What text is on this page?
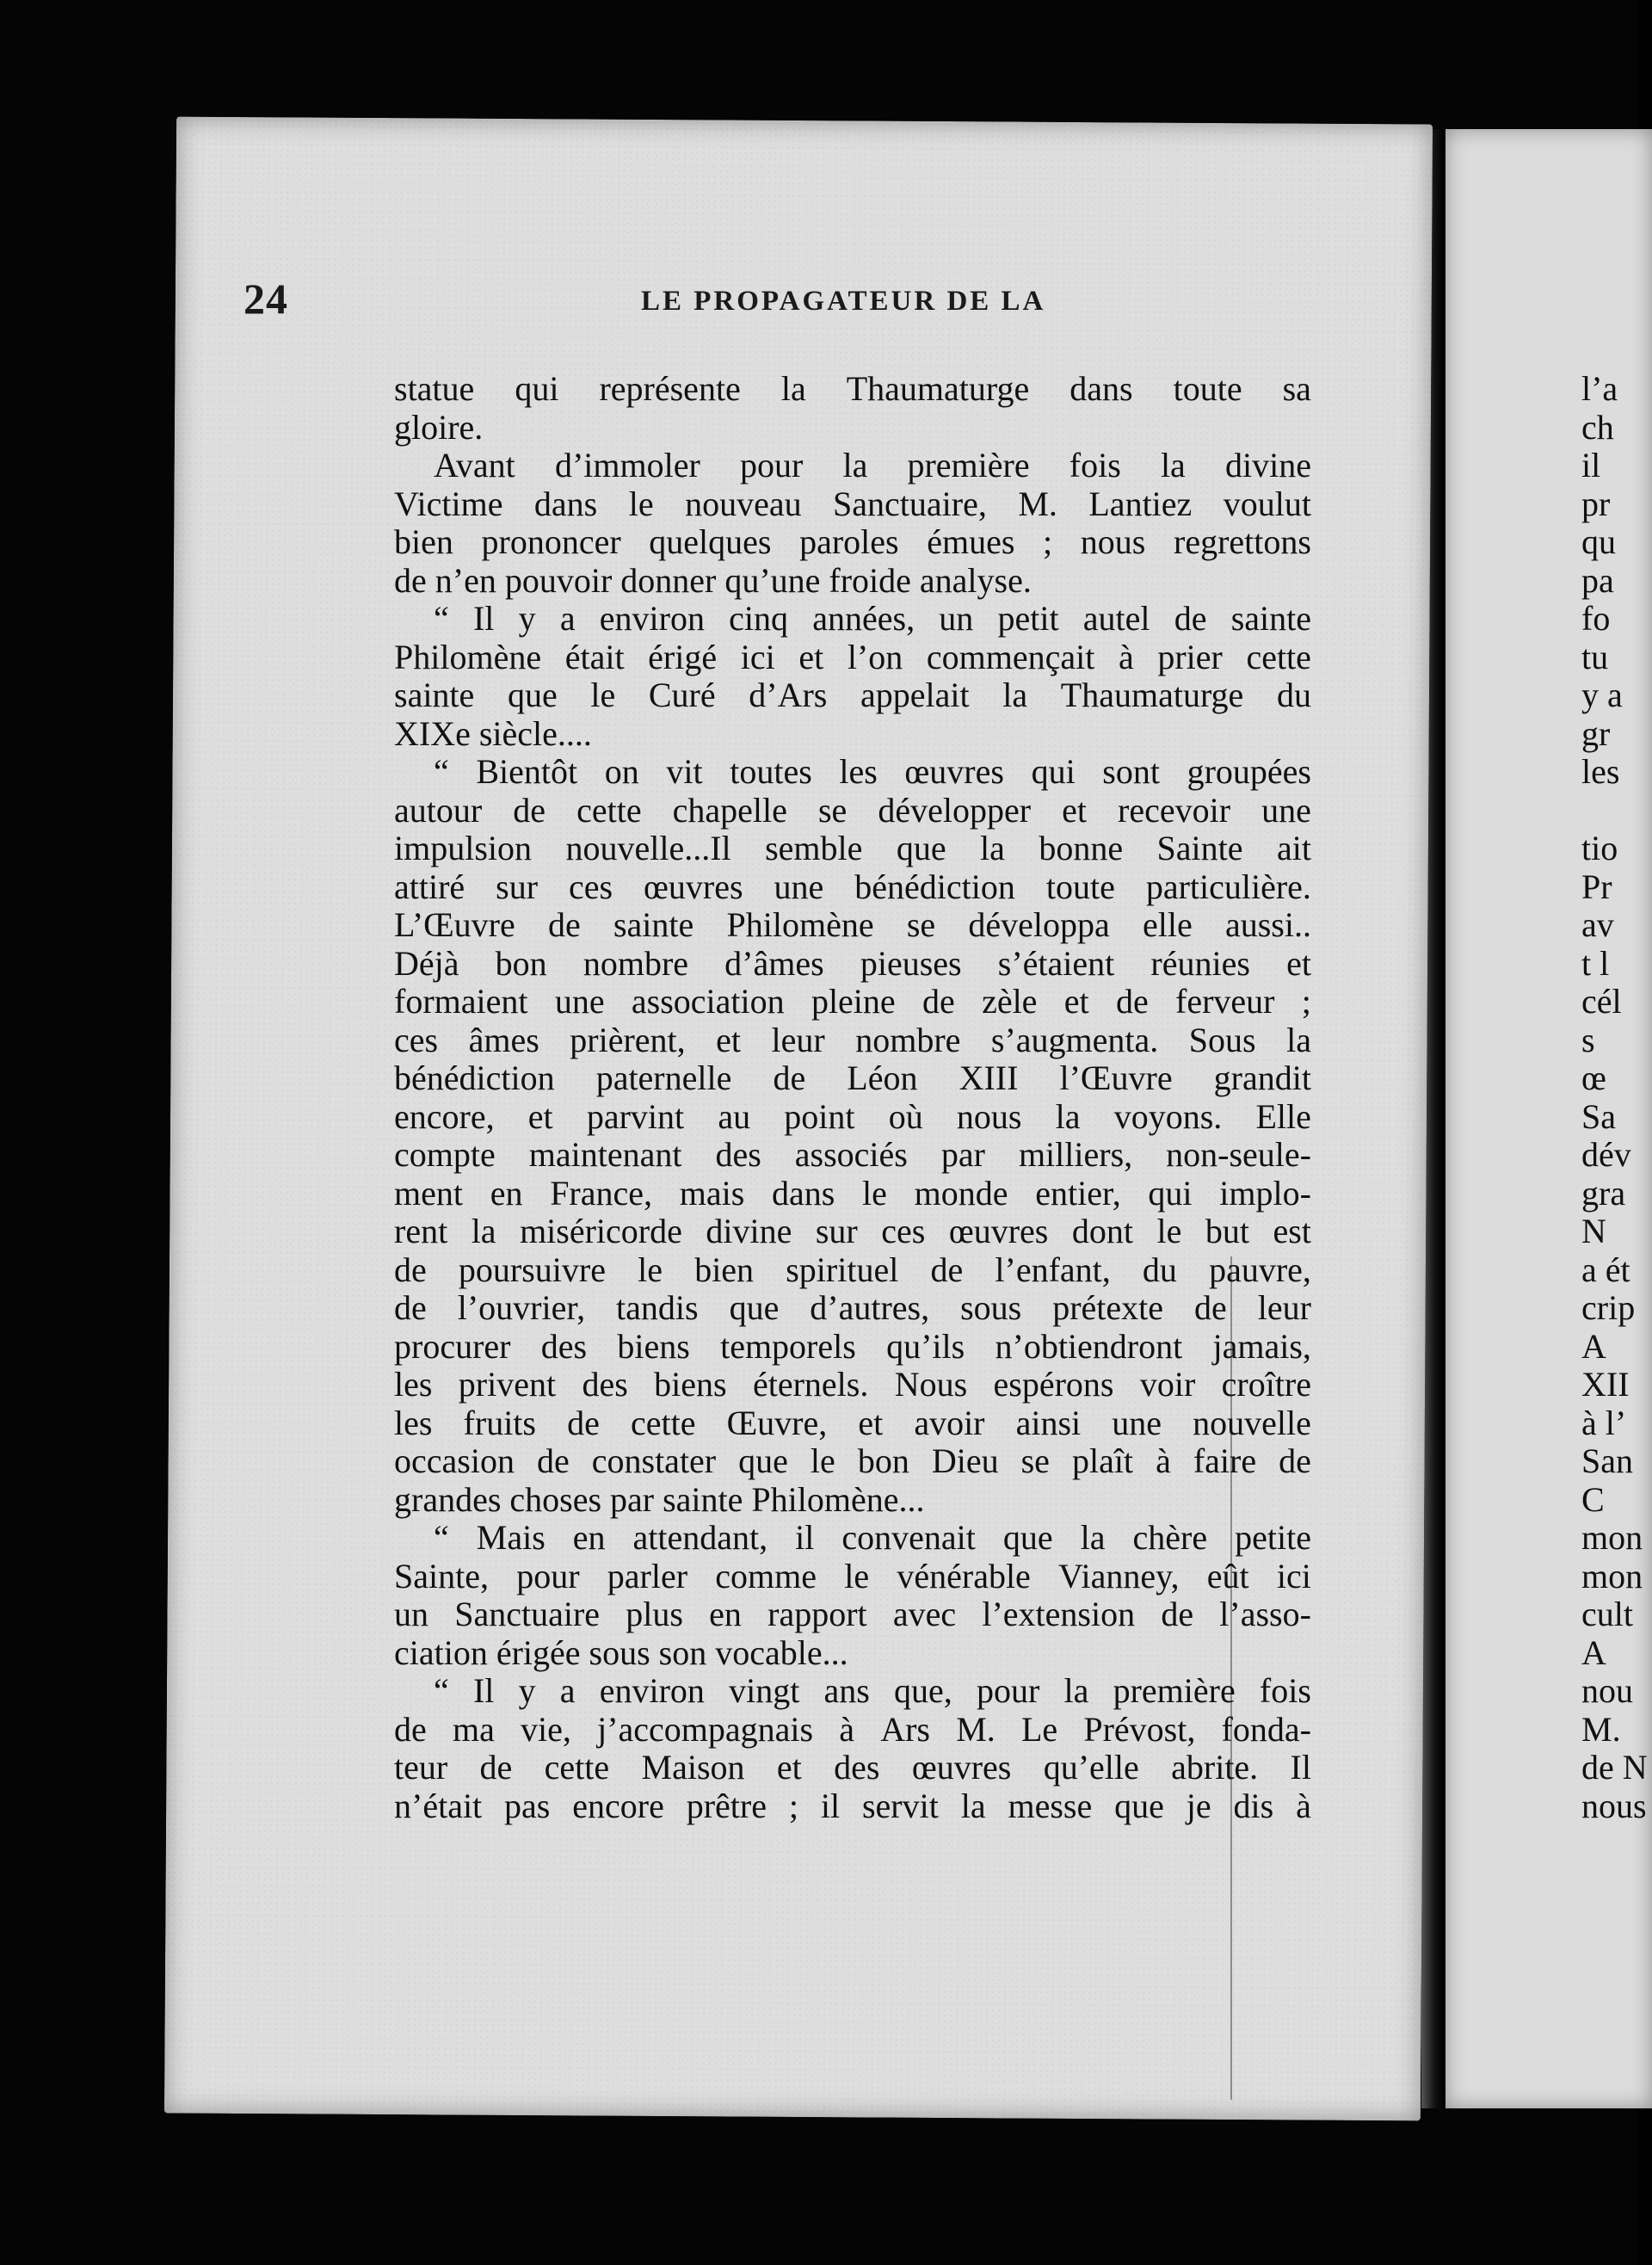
24	LE PROPAGATEUR DE LA
statue qui représente la Thaumaturge dans toute sa
gloire.
Avant d’immoler pour la première fois la divine
Victime dans le nouveau Sanctuaire, M. Lantiez voulut
bien prononcer quelques paroles émues ; nous regrettons
de n’en pouvoir donner qu’une froide analyse.
“ Il y a environ cinq années, un petit autel de sainte
Philomène était érigé ici et l’on commençait à prier cette
sainte que le Curé d’Ars appelait la Thaumaturge du
XIXe siècle....
“ Bientôt on vit toutes les œuvres qui sont groupées
autour de cette chapelle se développer et recevoir une
impulsion nouvelle...Il semble que la bonne Sainte ait
attiré sur ces œuvres une bénédiction toute particulière.
L’Œuvre de sainte Philomène se développa elle aussi..
Déjà bon nombre d’âmes pieuses s’étaient réunies et
formaient une association pleine de zèle et de ferveur ;
ces âmes prièrent, et leur nombre s’augmenta. Sous la
bénédiction paternelle de Léon XIII l’Œuvre grandit
encore, et parvint au point où nous la voyons. Elle
compte maintenant des associés par milliers, non-seule-
ment en France, mais dans le monde entier, qui implo-
rent la miséricorde divine sur ces œuvres dont le but est
de poursuivre le bien spirituel de l’enfant, du pauvre,
de l’ouvrier, tandis que d’autres, sous prétexte de leur
procurer des biens temporels qu’ils n’obtiendront jamais,
les privent des biens éternels. Nous espérons voir croître
les fruits de cette Œuvre, et avoir ainsi une nouvelle
occasion de constater que le bon Dieu se plaît à faire de
grandes choses par sainte Philomène...
“ Mais en attendant, il convenait que la chère petite
Sainte, pour parler comme le vénérable Vianney, eût ici
un Sanctuaire plus en rapport avec l’extension de l’asso-
ciation érigée sous son vocable...
“ Il y a environ vingt ans que, pour la première fois
de ma vie, j’accompagnais à Ars M. Le Prévost, fonda-
teur de cette Maison et des œuvres qu’elle abrite. Il
n’était pas encore prêtre ; il servit la messe que je dis à
l’a
ch
il
pr
qu
pa
fo
tu
y a
gr
les
tio
Pr
av
t l
cél
s
œ
Sa
dév
gra
N
a ét
crip
A
XII
à l’
San
C
mon
mon
cult
A
nou
M.
de N
nous
